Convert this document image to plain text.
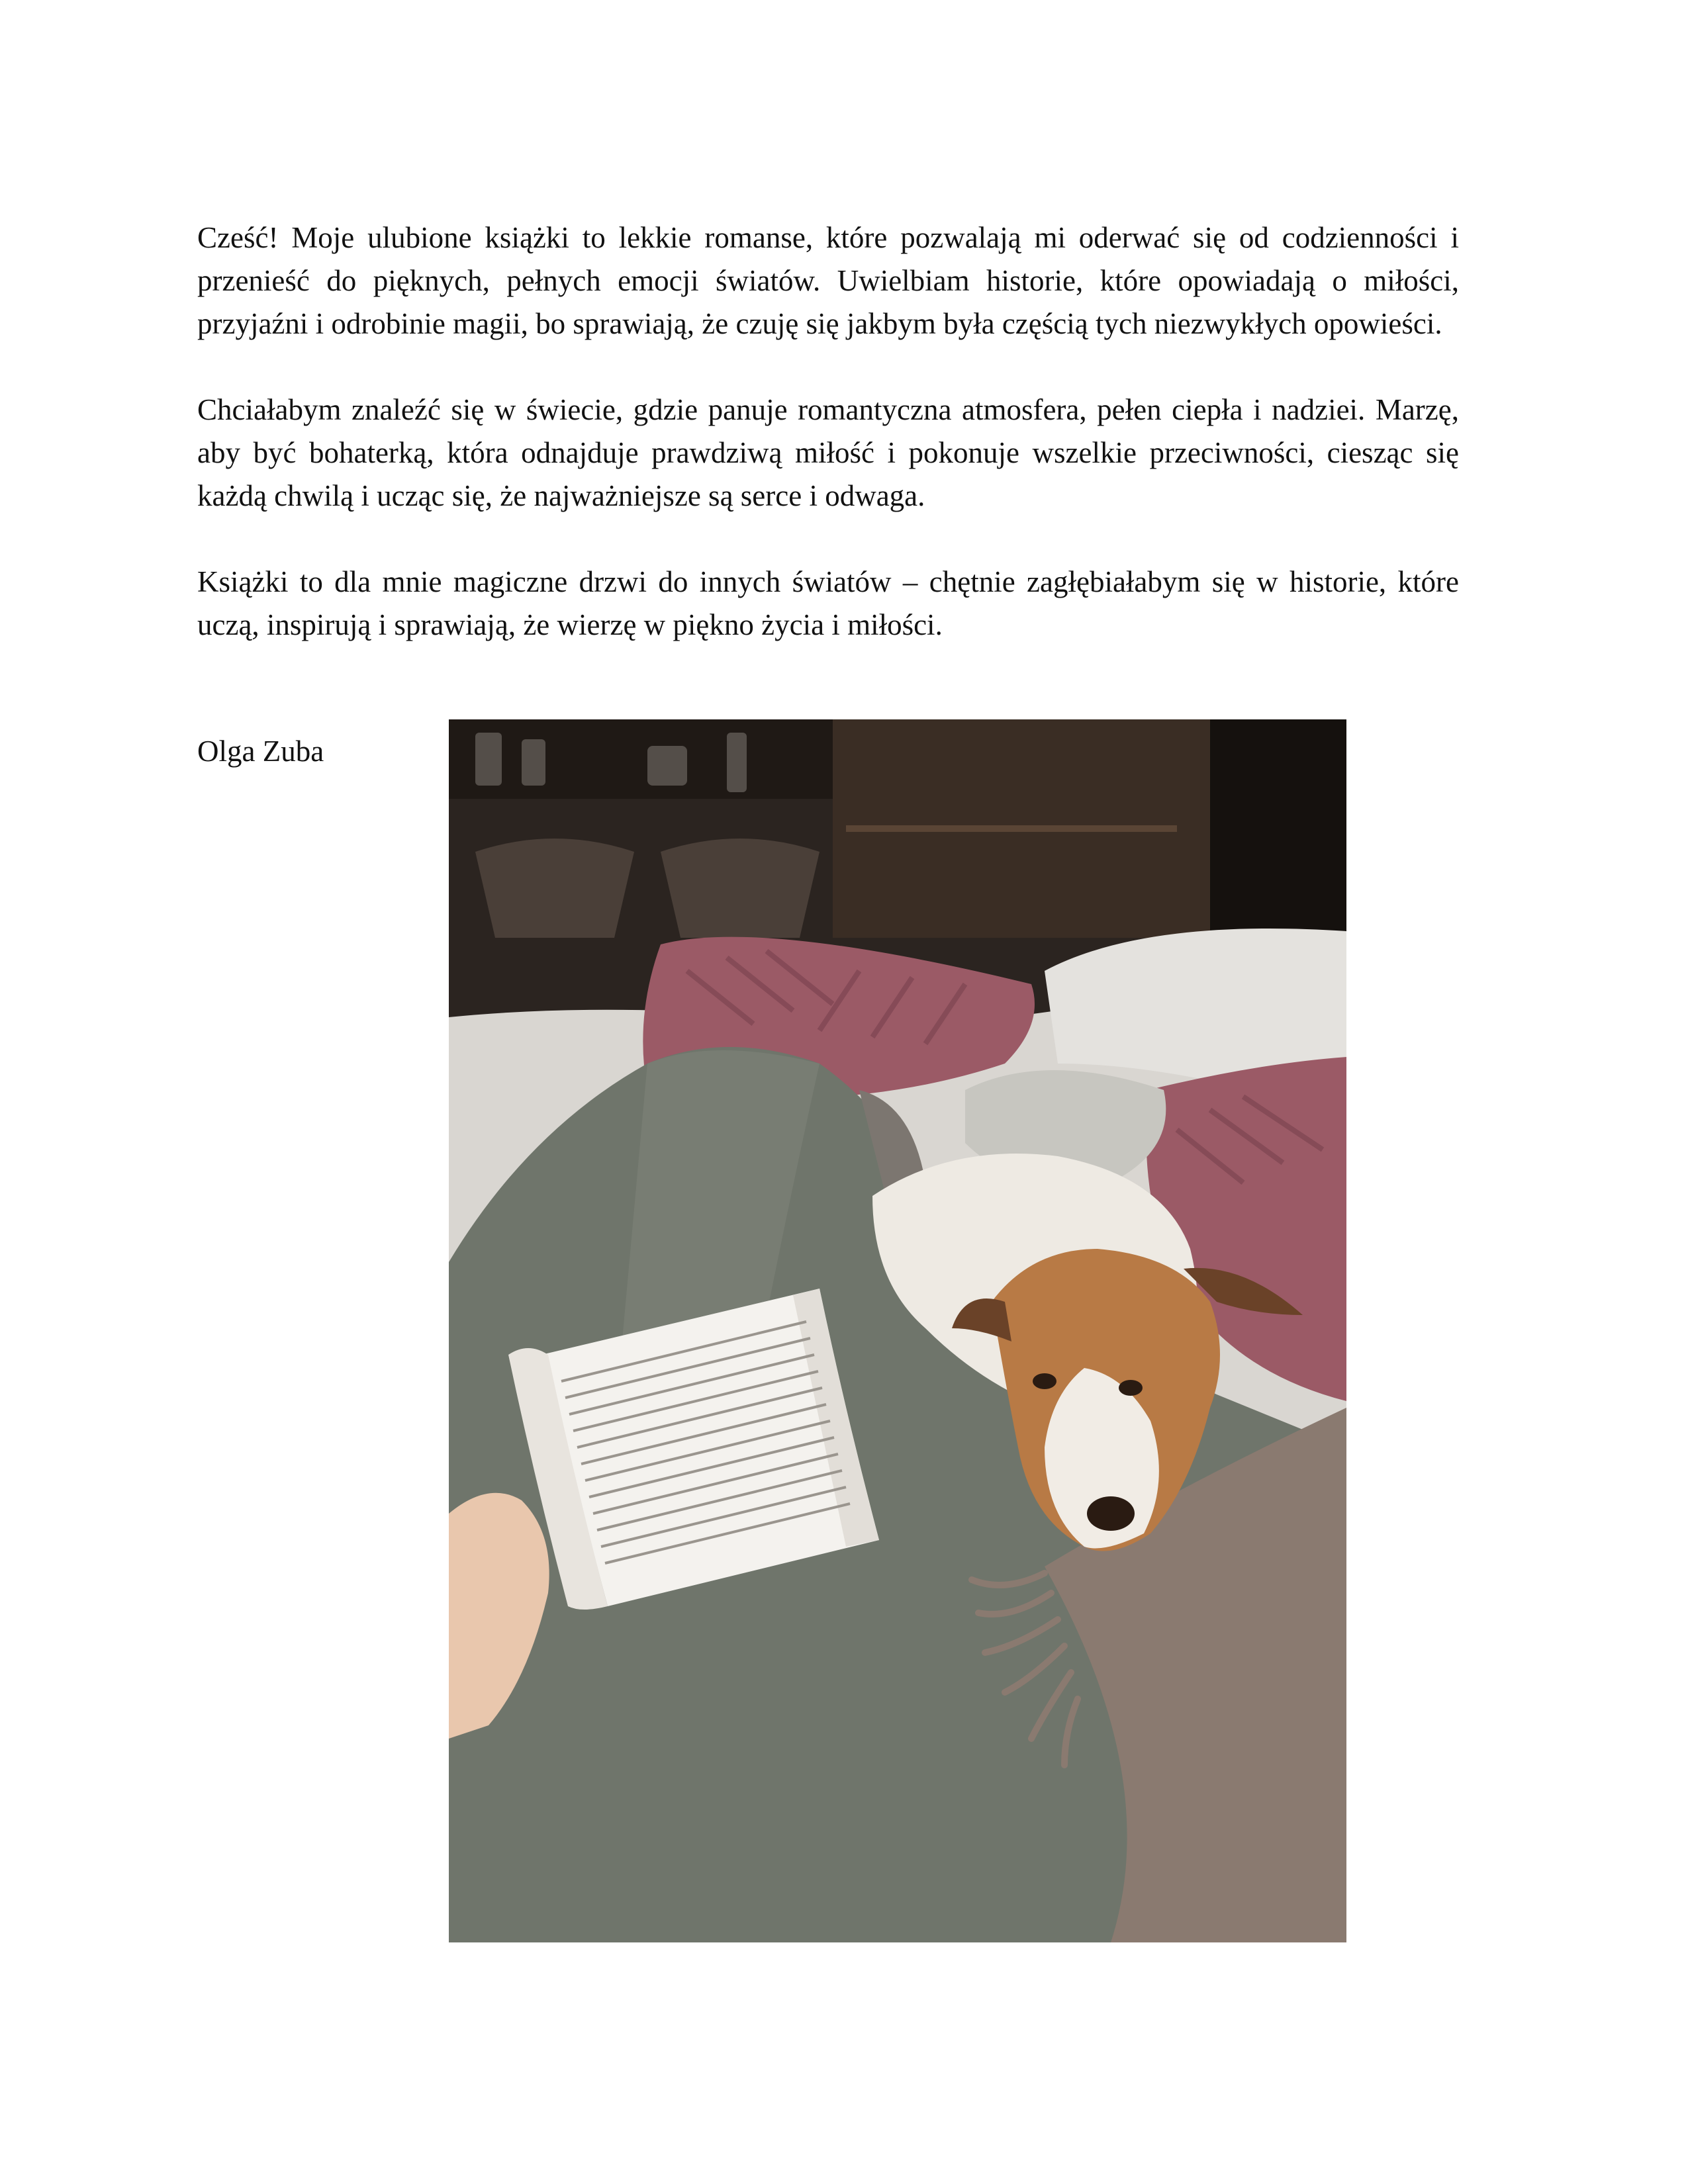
Cześć! Moje ulubione książki to lekkie romanse, które pozwalają mi oderwać się od codzienności i przenieść do pięknych, pełnych emocji światów. Uwielbiam historie, które opowiadają o miłości, przyjaźni i odrobinie magii, bo sprawiają, że czuję się jakbym była częścią tych niezwykłych opowieści.

Chciałabym znaleźć się w świecie, gdzie panuje romantyczna atmosfera, pełen ciepła i nadziei. Marzę, aby być bohaterką, która odnajduje prawdziwą miłość i pokonuje wszelkie przeciwności, ciesząc się każdą chwilą i ucząc się, że najważniejsze są serce i odwaga.

Książki to dla mnie magiczne drzwi do innych światów – chętnie zagłębiałabym się w historie, które uczą, inspirują i sprawiają, że wierzę w piękno życia i miłości.

Olga Zuba
